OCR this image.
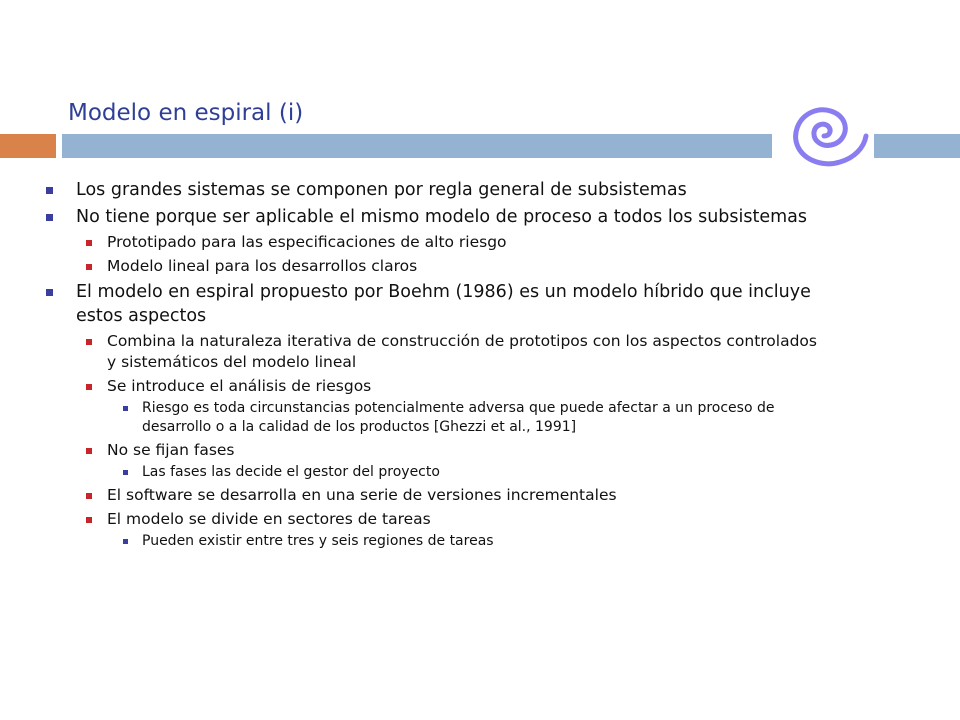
Modelo en espiral (i)
Los grandes sistemas se componen por regla general de subsistemas
No tiene porque ser aplicable el mismo modelo de proceso a todos los subsistemas
Prototipado para las especificaciones de alto riesgo
Modelo lineal para los desarrollos claros
El modelo en espiral propuesto por Boehm (1986) es un modelo híbrido que incluye estos aspectos
Combina la naturaleza iterativa de construcción de prototipos con los aspectos controlados y sistemáticos del modelo lineal
Se introduce el análisis de riesgos
Riesgo es toda circunstancias potencialmente adversa que puede afectar a un proceso de desarrollo o a la calidad de los productos [Ghezzi et al., 1991]
No se fijan fases
Las fases las decide el gestor del proyecto
El software se desarrolla en una serie de versiones incrementales
El modelo se divide en sectores de tareas
Pueden existir entre tres y seis regiones de tareas
